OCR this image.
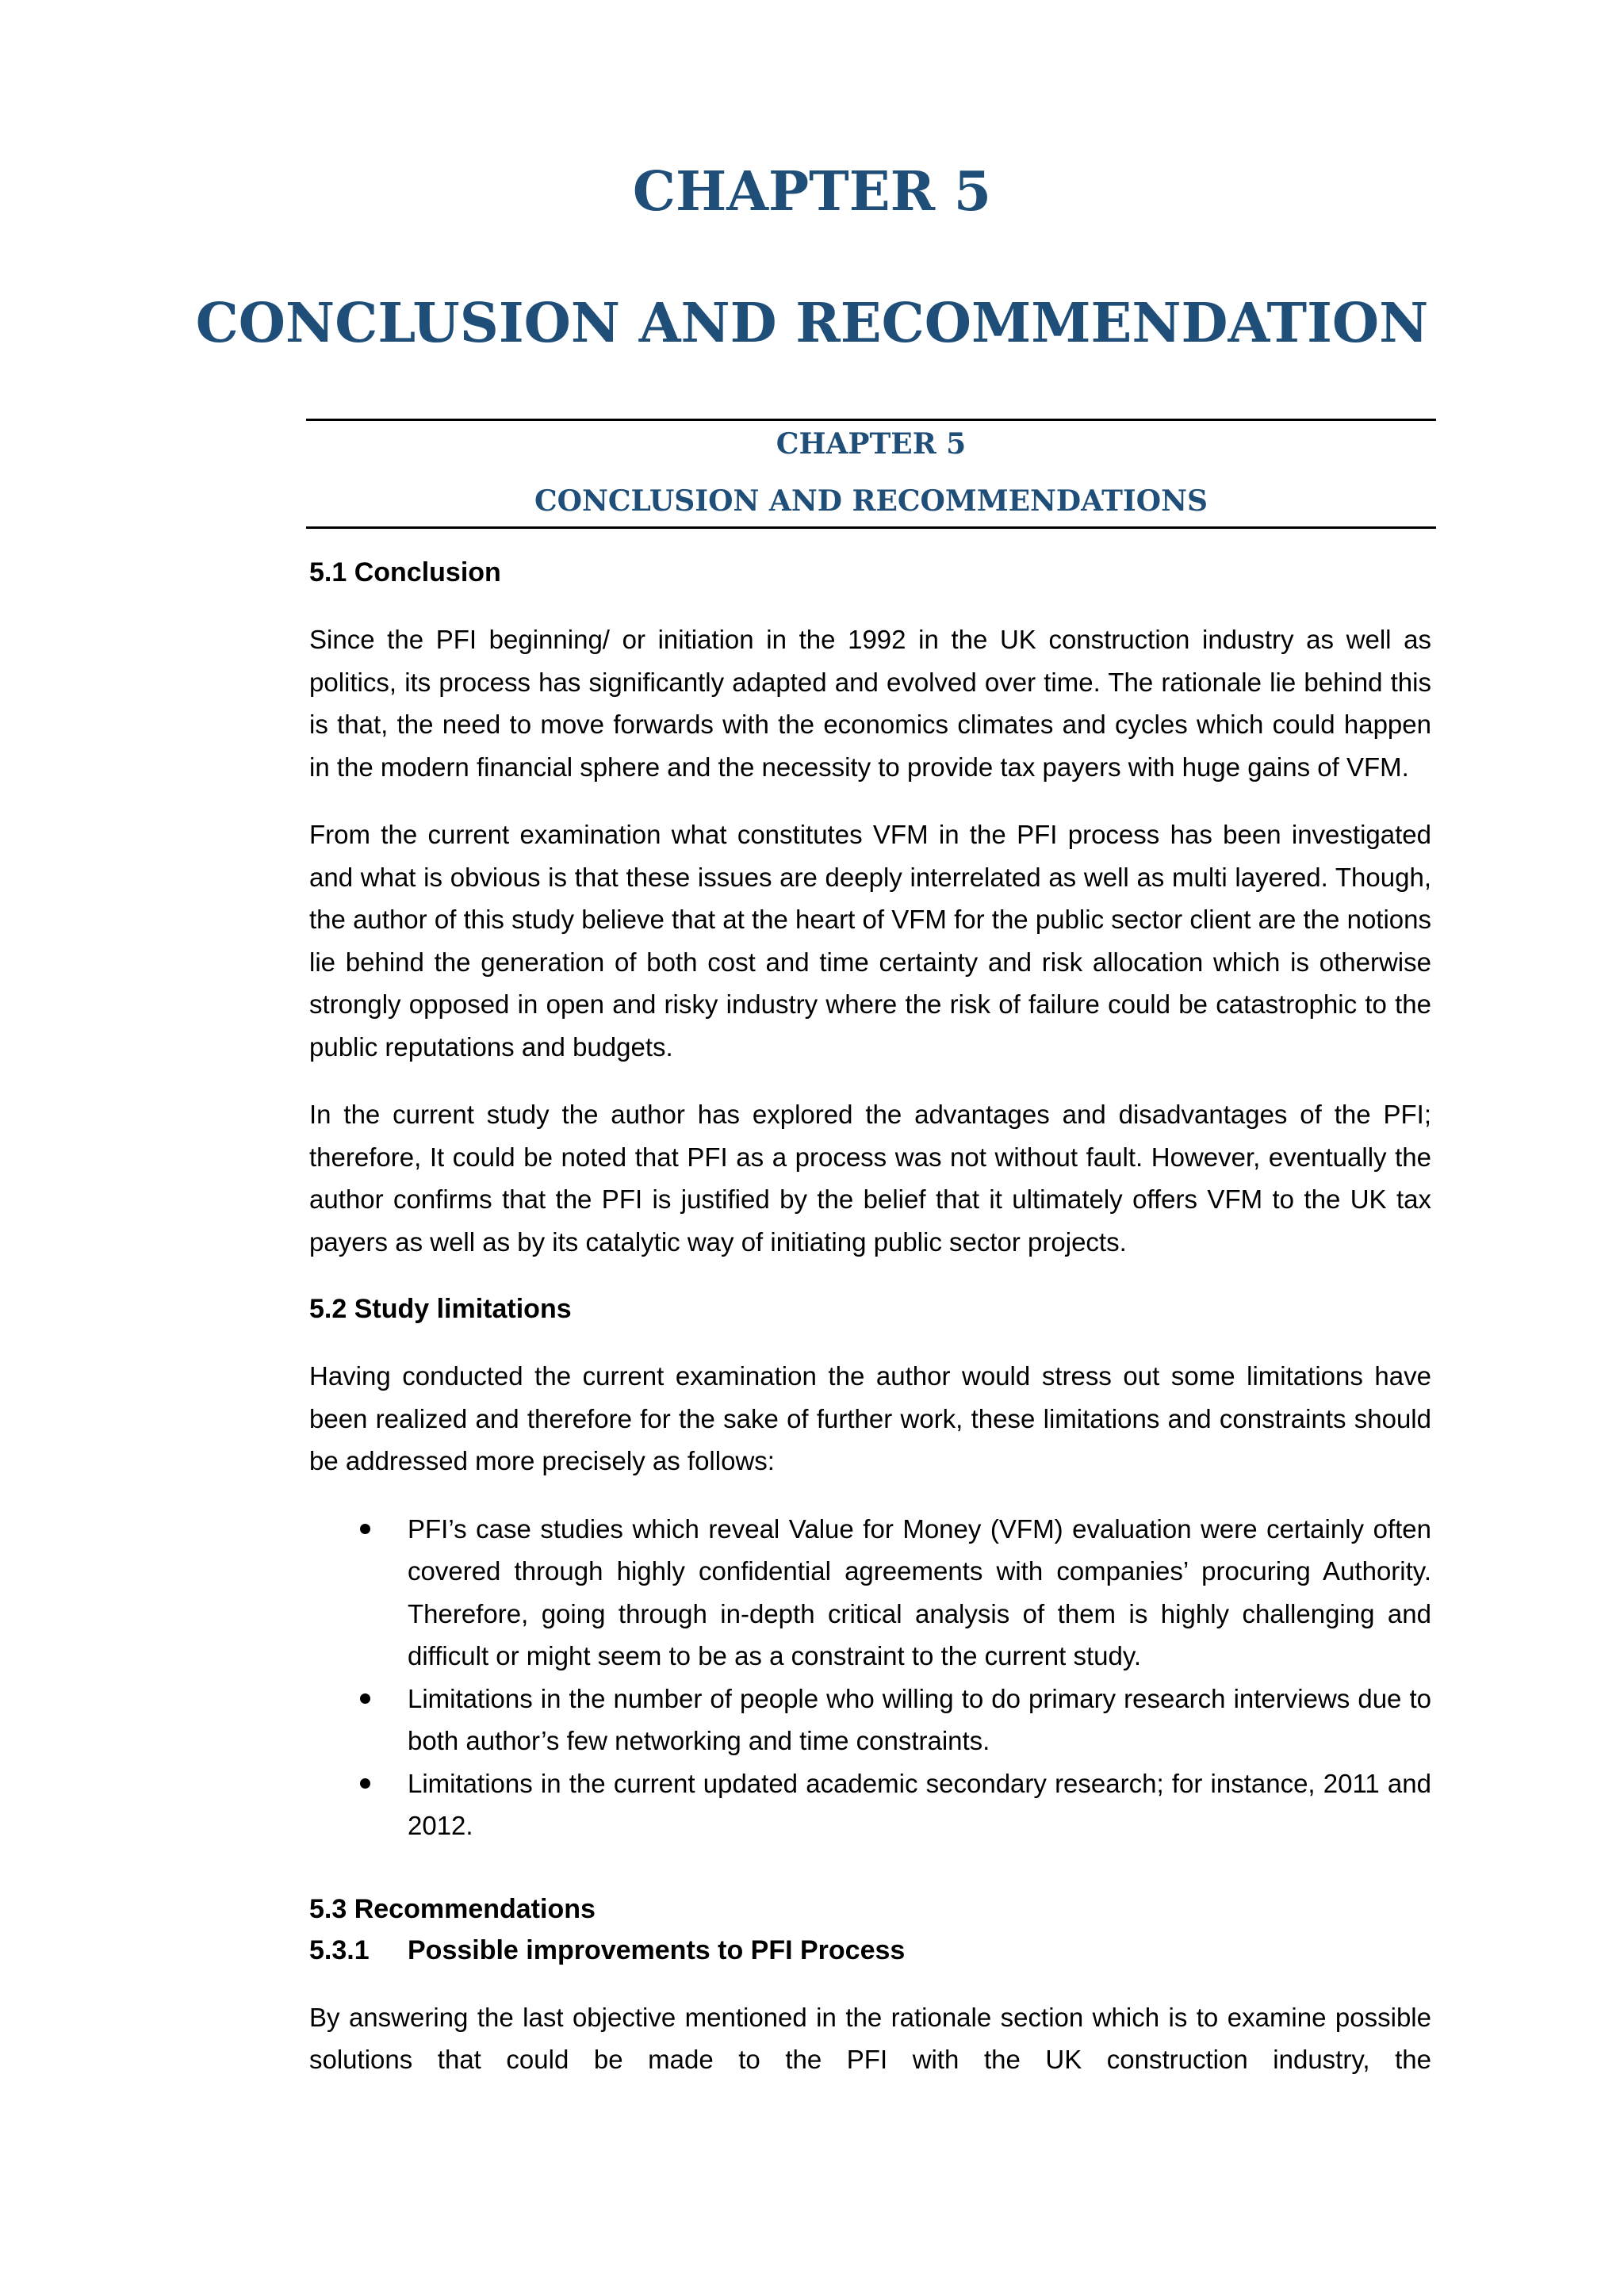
CHAPTER 5
CONCLUSION AND RECOMMENDATION
CHAPTER 5
CONCLUSION AND RECOMMENDATIONS
5.1 Conclusion

Since the PFI beginning/ or initiation in the 1992 in the UK construction industry as well as politics, its process has significantly adapted and evolved over time. The rationale lie behind this is that, the need to move forwards with the economics climates and cycles which could happen in the modern financial sphere and the necessity to provide tax payers with huge gains of VFM.

From the current examination what constitutes VFM in the PFI process has been investigated and what is obvious is that these issues are deeply interrelated as well as multi layered. Though, the author of this study believe that at the heart of VFM for the public sector client are the notions lie behind the generation of both cost and time certainty and risk allocation which is otherwise strongly opposed in open and risky industry where the risk of failure could be catastrophic to the public reputations and budgets.

In the current study the author has explored the advantages and disadvantages of the PFI; therefore, It could be noted that PFI as a process was not without fault. However, eventually the author confirms that the PFI is justified by the belief that it ultimately offers VFM to the UK tax payers as well as by its catalytic way of initiating public sector projects.

5.2 Study limitations

Having conducted the current examination the author would stress out some limitations have been realized and therefore for the sake of further work, these limitations and constraints should be addressed more precisely as follows:

PFI’s case studies which reveal Value for Money (VFM) evaluation were certainly often covered through highly confidential agreements with companies’ procuring Authority. Therefore, going through in-depth critical analysis of them is highly challenging and difficult or might seem to be as a constraint to the current study.
Limitations in the number of people who willing to do primary research interviews due to both author’s few networking and time constraints.
Limitations in the current updated academic secondary research; for instance, 2011 and 2012.
5.3 Recommendations
5.3.1 Possible improvements to PFI Process

By answering the last objective mentioned in the rationale section which is to examine possible solutions that could be made to the PFI with the UK construction industry, the
